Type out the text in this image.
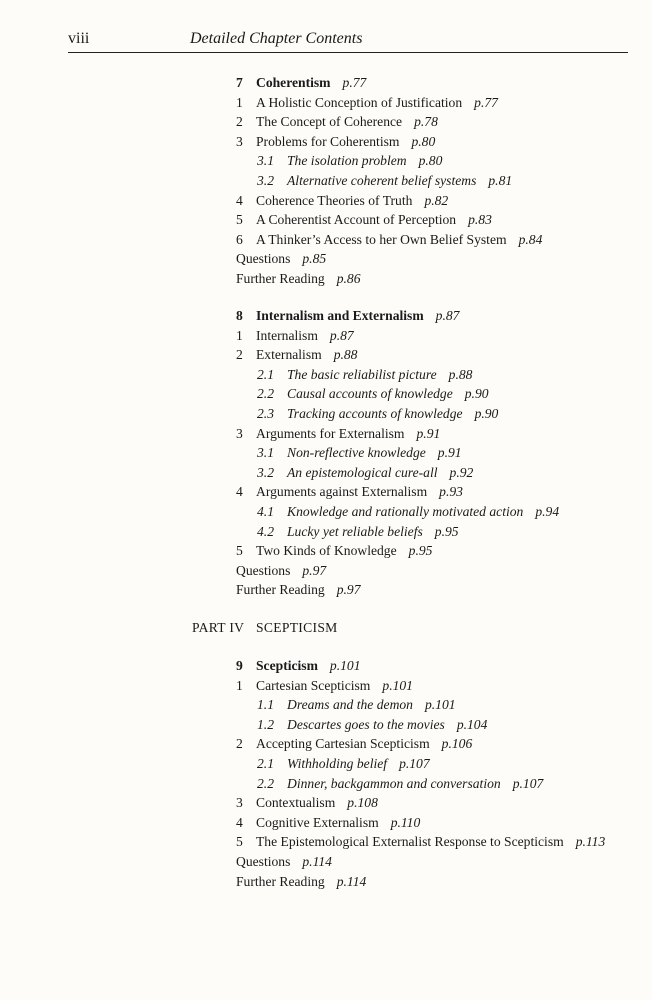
viii	Detailed Chapter Contents
PART IV SCEPTICISM
7 Coherentism p.77
1 A Holistic Conception of Justification p.77
2 The Concept of Coherence p.78
3 Problems for Coherentism p.80
3.1 The isolation problem p.80
3.2 Alternative coherent belief systems p.81
4 Coherence Theories of Truth p.82
5 A Coherentist Account of Perception p.83
6 A Thinker’s Access to her Own Belief System p.84
Questions p.85
Further Reading p.86
8 Internalism and Externalism p.87
1 Internalism p.87
2 Externalism p.88
2.1 The basic reliabilist picture p.88
2.2 Causal accounts of knowledge p.90
2.3 Tracking accounts of knowledge p.90
3 Arguments for Externalism p.91
3.1 Non-reflective knowledge p.91
3.2 An epistemological cure-all p.92
4 Arguments against Externalism p.93
4.1 Knowledge and rationally motivated action p.94
4.2 Lucky yet reliable beliefs p.95
5 Two Kinds of Knowledge p.95
Questions p.97
Further Reading p.97
9 Scepticism p.101
1 Cartesian Scepticism p.101
1.1 Dreams and the demon p.101
1.2 Descartes goes to the movies p.104
2 Accepting Cartesian Scepticism p.106
2.1 Withholding belief p.107
2.2 Dinner, backgammon and conversation p.107
3 Contextualism p.108
4 Cognitive Externalism p.110
5 The Epistemological Externalist Response to Scepticism p.113
Questions p.114
Further Reading p.114
